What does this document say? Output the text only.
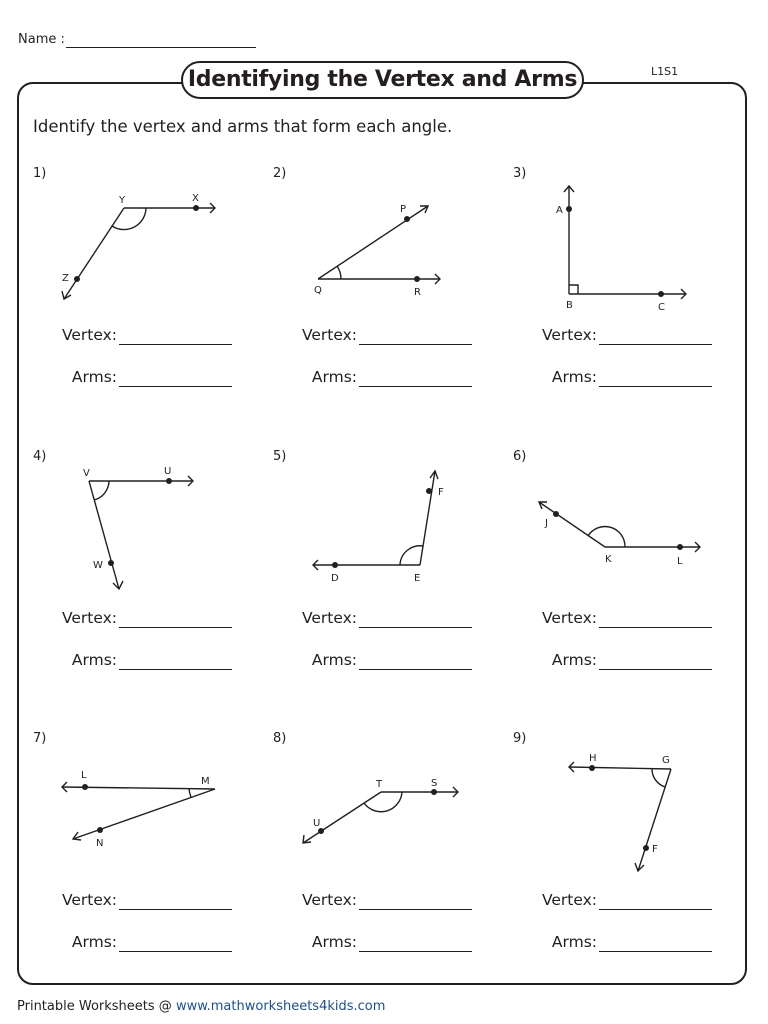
Name :
L1S1
Identifying the Vertex and Arms
Identify the vertex and arms that form each angle.
1)
Y	X
Z
Vertex:
Arms:
2)
P
Q	R
Vertex:
Arms:
3)
A
B	C
Vertex:
Arms:
4)
V	U
W
Vertex:
Arms:
5)
F
D	E
Vertex:
Arms:
6)
J
K	L
Vertex:
Arms:
7)
L
M
N
Vertex:
Arms:
8)
T	S
U
Vertex:
Arms:
9)
H	G
F
Vertex:
Arms:
Printable Worksheets @ www.mathworksheets4kids.com
